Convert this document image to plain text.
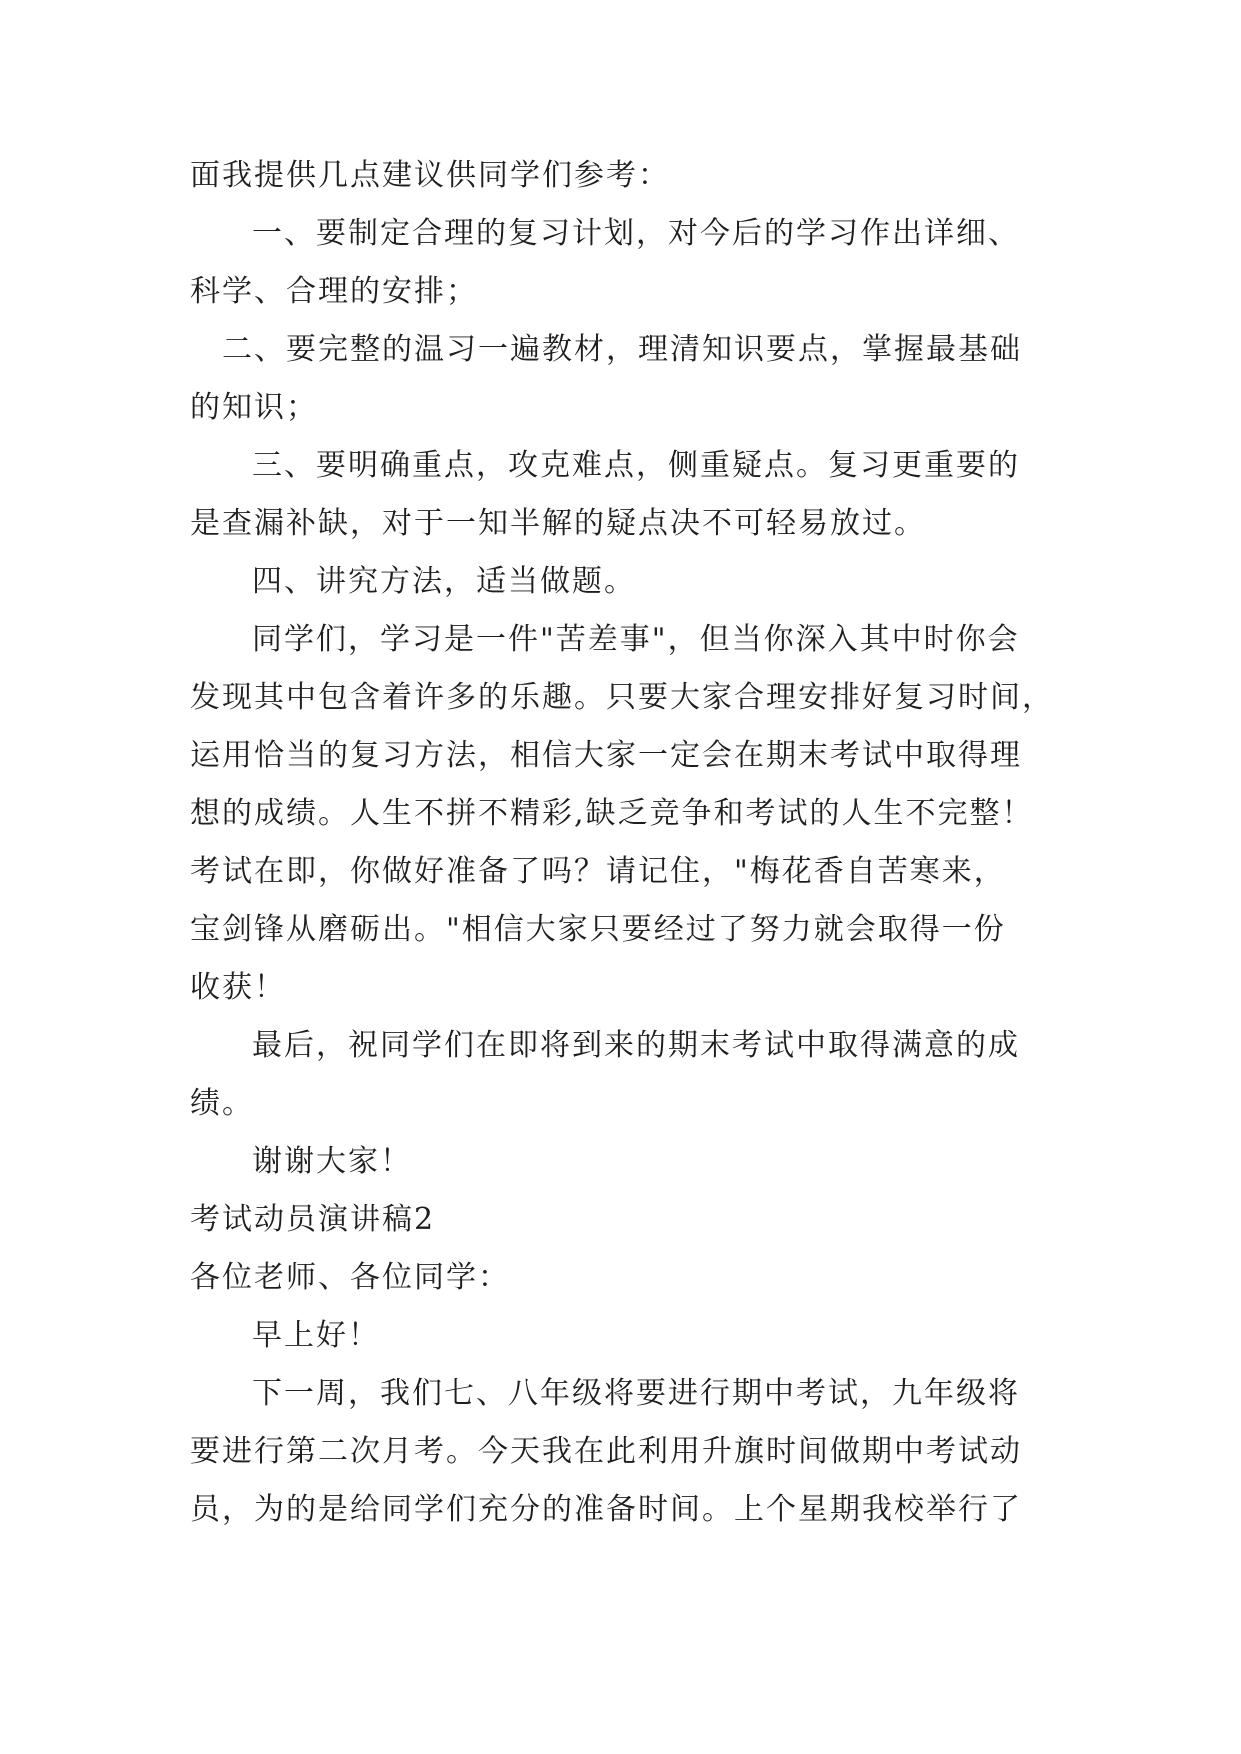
面我提供几点建议供同学们参考：
一、要制定合理的复习计划，对今后的学习作出详细、
科学、合理的安排；
二、要完整的温习一遍教材，理清知识要点，掌握最基础
的知识；
三、要明确重点，攻克难点，侧重疑点。复习更重要的
是查漏补缺，对于一知半解的疑点决不可轻易放过。
四、讲究方法，适当做题。
同学们，学习是一件"苦差事"，但当你深入其中时你会
发现其中包含着许多的乐趣。只要大家合理安排好复习时间，
运用恰当的复习方法，相信大家一定会在期末考试中取得理
想的成绩。人生不拼不精彩,缺乏竞争和考试的人生不完整！
考试在即，你做好准备了吗？请记住，"梅花香自苦寒来，
宝剑锋从磨砺出。"相信大家只要经过了努力就会取得一份
收获！
最后，祝同学们在即将到来的期末考试中取得满意的成
绩。
谢谢大家！
考试动员演讲稿2
各位老师、各位同学：
早上好！
下一周，我们七、八年级将要进行期中考试，九年级将
要进行第二次月考。今天我在此利用升旗时间做期中考试动
员，为的是给同学们充分的准备时间。上个星期我校举行了
